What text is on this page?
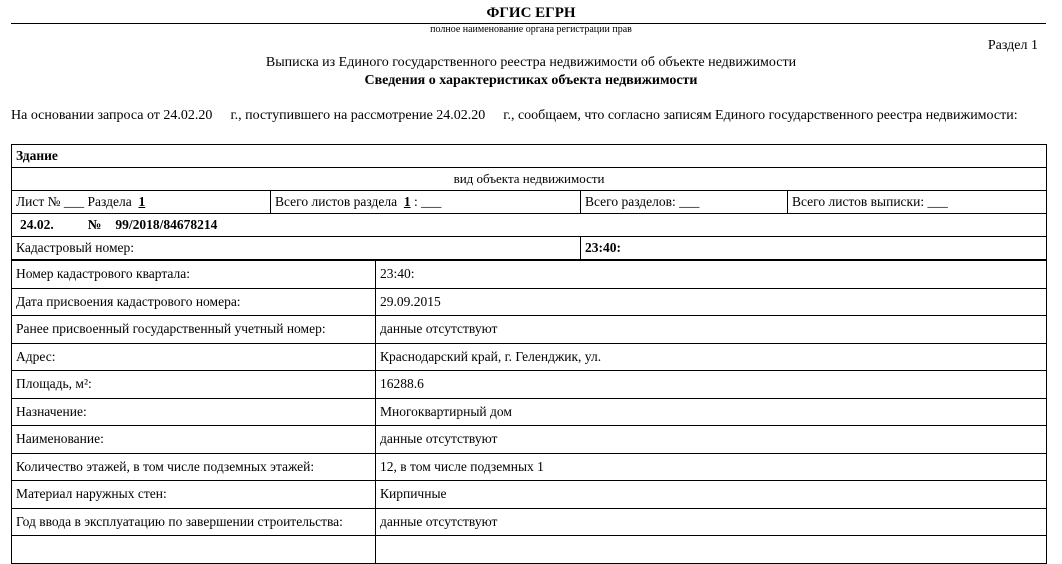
ФГИС ЕГРН
полное наименование органа регистрации прав
Раздел 1
Выписка из Единого государственного реестра недвижимости об объекте недвижимости
Сведения о характеристиках объекта недвижимости
На основании запроса от 24.02.20 г., поступившего на рассмотрение 24.02.20 г., сообщаем, что согласно записям Единого государственного реестра недвижимости:
Здание			
вид объекта недвижимости			
Лист № ___ Раздела 1	Всего листов раздела 1 : ___	Всего разделов: ___	Всего листов выписки: ___
24.02. № 99/2018/84678214			
Кадастровый номер:		23:40:	
Номер кадастрового квартала:	23:40:
Дата присвоения кадастрового номера:	29.09.2015
Ранее присвоенный государственный учетный номер:	данные отсутствуют
Адрес:	Краснодарский край, г. Геленджик, ул.
Площадь, м²:	16288.6
Назначение:	Многоквартирный дом
Наименование:	данные отсутствуют
Количество этажей, в том числе подземных этажей:	12, в том числе подземных 1
Материал наружных стен:	Кирпичные
Год ввода в эксплуатацию по завершении строительства:	данные отсутствуют
